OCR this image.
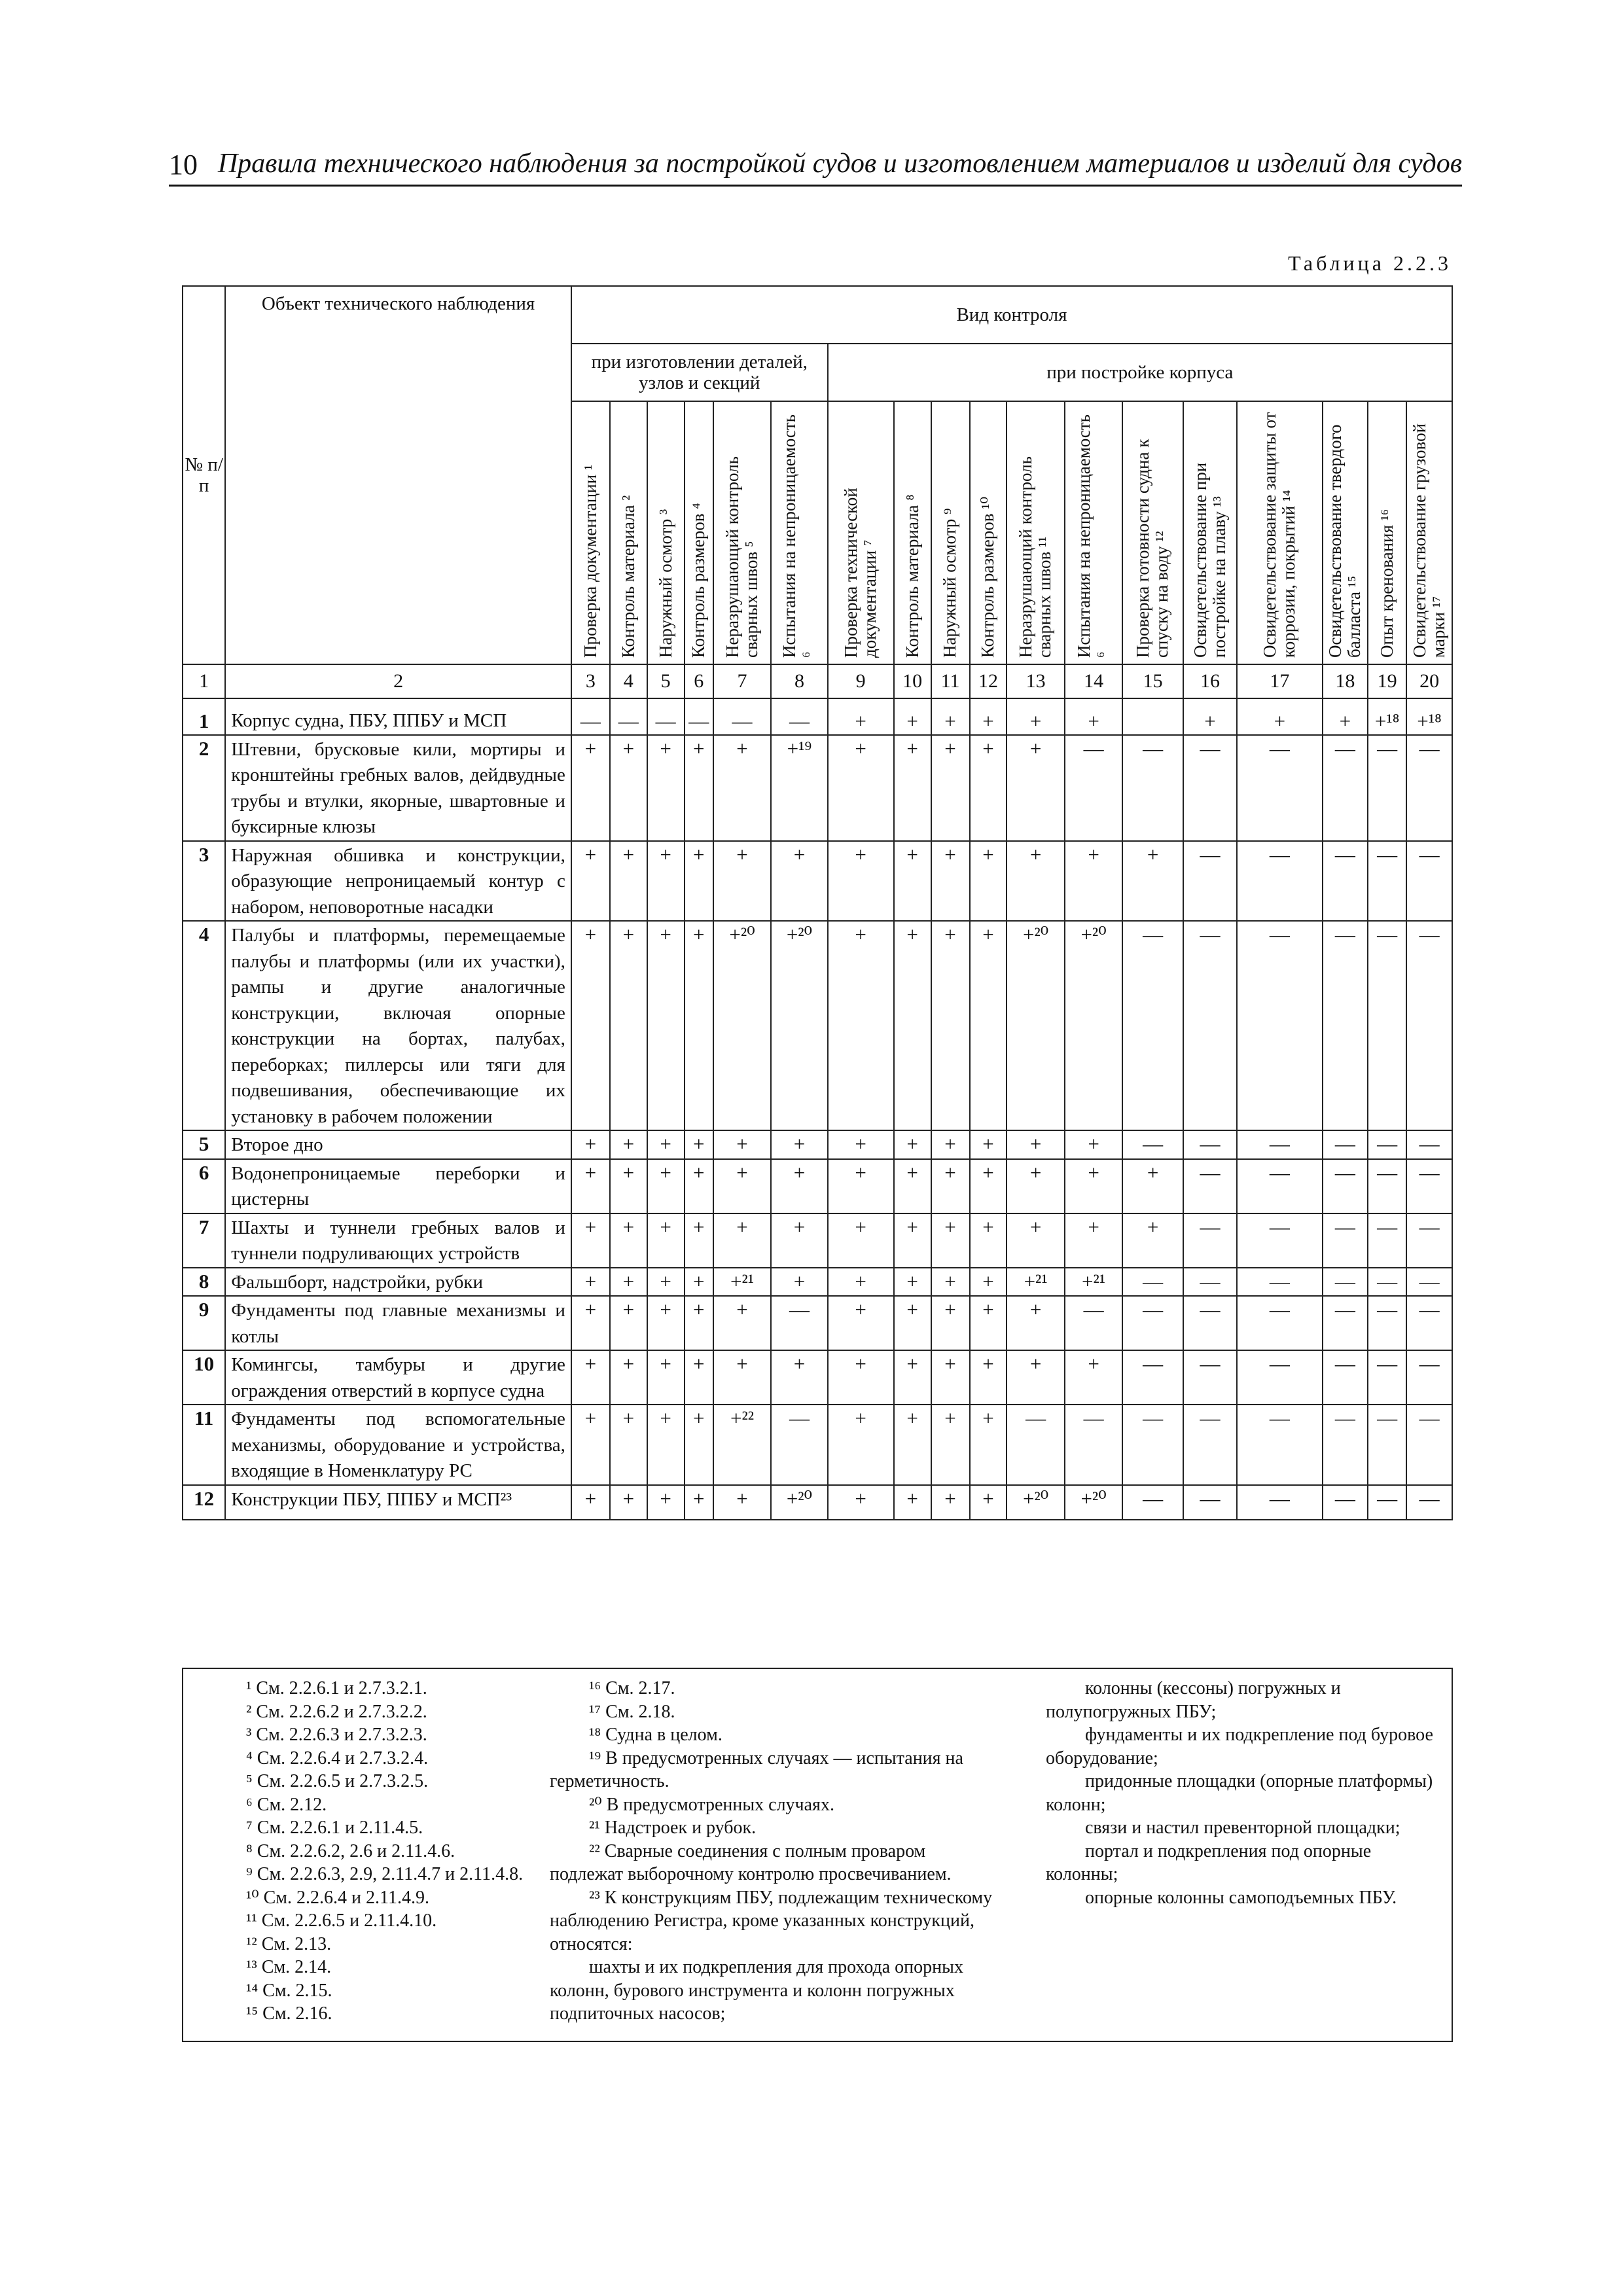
10 Правила технического наблюдения за постройкой судов и изготовлением материалов и изделий для судов
Таблица 2.2.3
№ п/п	Объект технического наблюдения	Вид контроля																	
		при изготовлении деталей, узлов и секций						при постройке корпуса											

		Проверка документации ¹	Контроль материала ²	Наружный осмотр ³	Контроль размеров ⁴	Неразрушающий контроль сварных швов ⁵	Испытания на непроницаемость ⁶	Проверка технической документации ⁷	Контроль материала ⁸	Наружный осмотр ⁹	Контроль размеров ¹⁰	Неразрушающий контроль сварных швов ¹¹	Испытания на непроницаемость ⁶	Проверка готовности судна к спуску на воду ¹²	Освидетельствование при постройке на плаву ¹³	Освидетельствование защиты от коррозии, покрытий ¹⁴	Освидетельствование твердого балласта ¹⁵	Опыт кренования ¹⁶	Освидетельствование грузовой марки ¹⁷

1	2	3	4	5	6	7	8	9	10	11	12	13	14	15	16	17	18	19	20
1	Корпус судна, ПБУ, ППБУ и МСП	—	—	—	—	—	—	+	+	+	+	+	+		+	+	+	+¹⁸	+¹⁸
2	Штевни, брусковые кили, мортиры и кронштейны гребных валов, дейдвудные трубы и втулки, якорные, швартовные и буксирные клюзы	+	+	+	+	+	+¹⁹	+	+	+	+	+	—	—	—	—	—	—	—
3	Наружная обшивка и конструкции, образующие непроницаемый контур с набором, неповоротные насадки	+	+	+	+	+	+	+	+	+	+	+	+	+	—	—	—	—	—
4	Палубы и платформы, перемещаемые палубы и платформы (или их участки), рампы и другие аналогичные конструкции, включая опорные конструкции на бортах, палубах, переборках; пиллерсы или тяги для подвешивания, обеспечивающие их установку в рабочем положении	+	+	+	+	+²⁰	+²⁰	+	+	+	+	+²⁰	+²⁰	—	—	—	—	—	—
5	Второе дно	+	+	+	+	+	+	+	+	+	+	+	+	—	—	—	—	—	—
6	Водонепроницаемые переборки и цистерны	+	+	+	+	+	+	+	+	+	+	+	+	+	—	—	—	—	—
7	Шахты и туннели гребных валов и туннели подруливающих устройств	+	+	+	+	+	+	+	+	+	+	+	+	+	—	—	—	—	—
8	Фальшборт, надстройки, рубки	+	+	+	+	+²¹	+	+	+	+	+	+²¹	+²¹	—	—	—	—	—	—
9	Фундаменты под главные механизмы и котлы	+	+	+	+	+	—	+	+	+	+	+	—	—	—	—	—	—	—
10	Комингсы, тамбуры и другие ограждения отверстий в корпусе судна	+	+	+	+	+	+	+	+	+	+	+	+	—	—	—	—	—	—
11	Фундаменты под вспомогательные механизмы, оборудование и устройства, входящие в Номенклатуру РС	+	+	+	+	+²²	—	+	+	+	+	—	—	—	—	—	—	—	—
12	Конструкции ПБУ, ППБУ и МСП²³	+	+	+	+	+	+²⁰	+	+	+	+	+²⁰	+²⁰	—	—	—	—	—	—
¹ См. 2.2.6.1 и 2.7.3.2.1.
² См. 2.2.6.2 и 2.7.3.2.2.
³ См. 2.2.6.3 и 2.7.3.2.3.
⁴ См. 2.2.6.4 и 2.7.3.2.4.
⁵ См. 2.2.6.5 и 2.7.3.2.5.
⁶ См. 2.12.
⁷ См. 2.2.6.1 и 2.11.4.5.
⁸ См. 2.2.6.2, 2.6 и 2.11.4.6.
⁹ См. 2.2.6.3, 2.9, 2.11.4.7 и 2.11.4.8.
¹⁰ См. 2.2.6.4 и 2.11.4.9.
¹¹ См. 2.2.6.5 и 2.11.4.10.
¹² См. 2.13.
¹³ См. 2.14.
¹⁴ См. 2.15.
¹⁵ См. 2.16.
¹⁶ См. 2.17.
¹⁷ См. 2.18.
¹⁸ Судна в целом.
¹⁹ В предусмотренных случаях — испытания на герметичность.
²⁰ В предусмотренных случаях.
²¹ Надстроек и рубок.
²² Сварные соединения с полным проваром подлежат выборочному контролю просвечиванием.
²³ К конструкциям ПБУ, подлежащим техническому наблюдению Регистра, кроме указанных конструкций, относятся:
шахты и их подкрепления для прохода опорных колонн, бурового инструмента и колонн погружных подпиточных насосов;
колонны (кессоны) погружных и полупогружных ПБУ;
фундаменты и их подкрепление под буровое оборудование;
придонные площадки (опорные платформы) колонн;
связи и настил превенторной площадки;
портал и подкрепления под опорные колонны;
опорные колонны самоподъемных ПБУ.
